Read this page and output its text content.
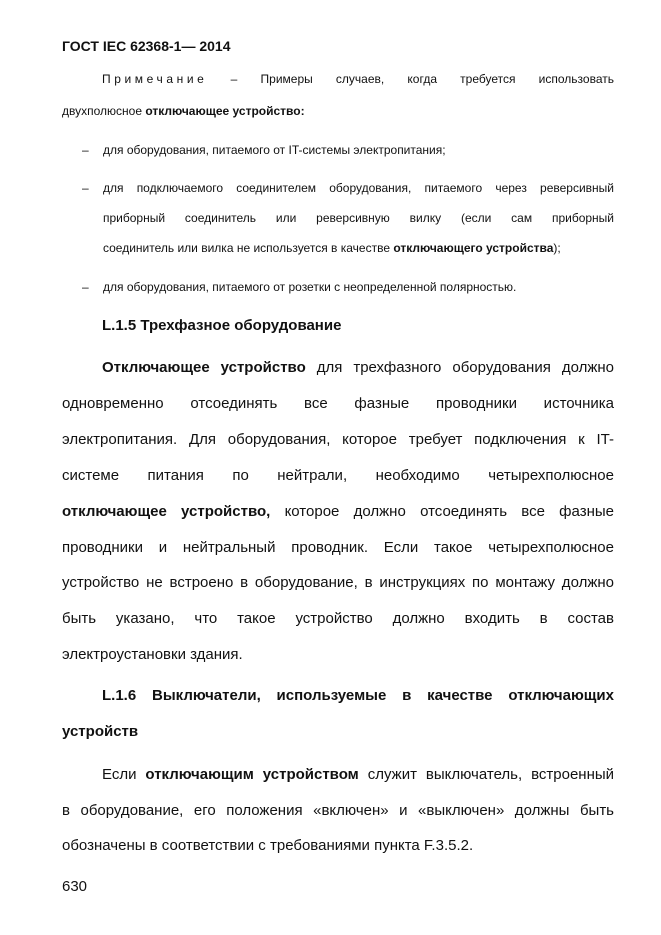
ГОСТ IEC 62368-1— 2014
Примечание – Примеры случаев, когда требуется использовать
двухполюсное отключающее устройство:
– для оборудования, питаемого от IT-системы электропитания;
– для подключаемого соединителем оборудования, питаемого через реверсивный
приборный соединитель или реверсивную вилку (если сам приборный
соединитель или вилка не используется в качестве отключающего устройства);
– для оборудования, питаемого от розетки с неопределенной полярностью.
L.1.5 Трехфазное оборудование
Отключающее устройство для трехфазного оборудования должно
одновременно отсоединять все фазные проводники источника
электропитания. Для оборудования, которое требует подключения к IT-
системе питания по нейтрали, необходимо четырехполюсное
отключающее устройство, которое должно отсоединять все фазные
проводники и нейтральный проводник. Если такое четырехполюсное
устройство не встроено в оборудование, в инструкциях по монтажу должно
быть указано, что такое устройство должно входить в состав
электроустановки здания.
L.1.6 Выключатели, используемые в качестве отключающих
устройств
Если отключающим устройством служит выключатель, встроенный
в оборудование, его положения «включен» и «выключен» должны быть
обозначены в соответствии с требованиями пункта F.3.5.2.
630
